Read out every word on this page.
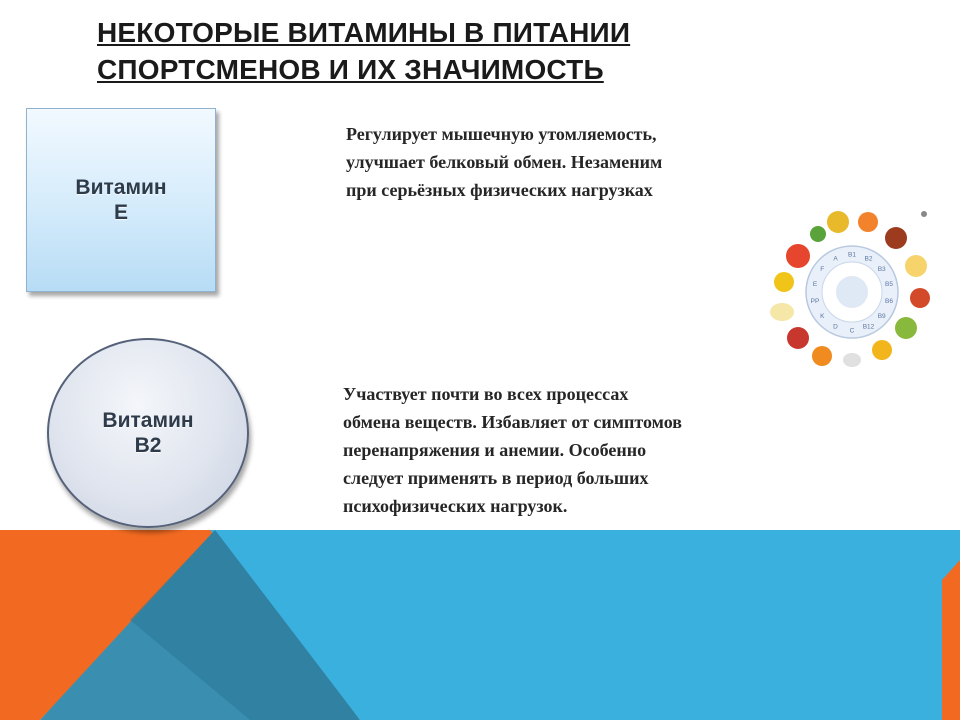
НЕКОТОРЫЕ ВИТАМИНЫ В ПИТАНИИ
СПОРТСМЕНОВ И ИХ ЗНАЧИМОСТЬ
Витамин
Е

Регулирует мышечную утомляемость,
улучшает белковый обмен. Незаменим
при серьёзных физических нагрузках

Витамин
В2

Участвует почти во всех процессах
обмена веществ. Избавляет от симптомов
перенапряжения и анемии. Особенно
следует применять в период больших
психофизических нагрузок.

B1
B2
B3
B5
B6
B9
B12
C
D
K
PP
E
F
A
